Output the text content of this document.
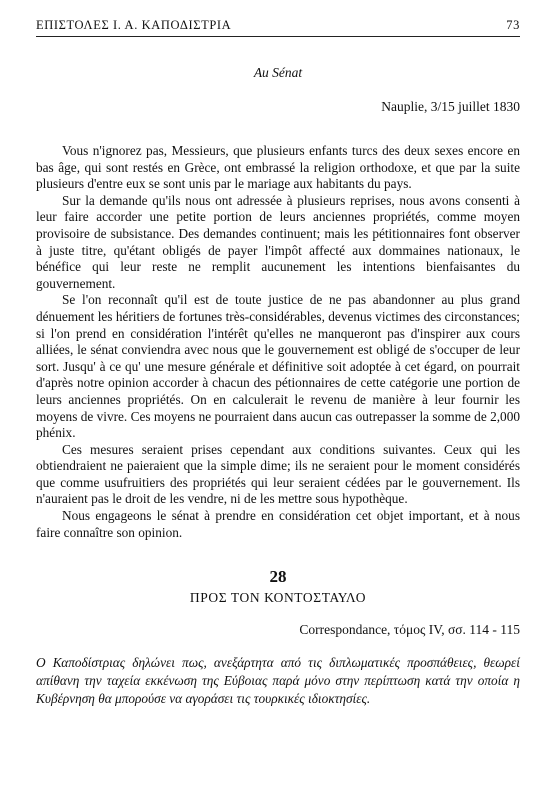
ΕΠΙΣΤΟΛΕΣ Ι. Α. ΚΑΠΟΔΙΣΤΡΙΑ	73
Au Sénat
Nauplie, 3/15 juillet 1830

Vous n'ignorez pas, Messieurs, que plusieurs enfants turcs des deux sexes encore en bas âge, qui sont restés en Grèce, ont embrassé la religion orthodoxe, et que par la suite plusieurs d'entre eux se sont unis par le mariage aux habitants du pays.

Sur la demande qu'ils nous ont adressée à plusieurs reprises, nous avons consenti à leur faire accorder une petite portion de leurs anciennes propriétés, comme moyen provisoire de subsistance. Des demandes continuent; mais les pétitionnaires font observer à juste titre, qu'étant obligés de payer l'impôt affecté aux dommaines nationaux, le bénéfice qui leur reste ne remplit aucunement les intentions bienfaisantes du gouvernement.

Se l'on reconnaît qu'il est de toute justice de ne pas abandonner au plus grand dénuement les héritiers de fortunes très-considérables, devenus victimes des circonstances; si l'on prend en considération l'intérêt qu'elles ne manqueront pas d'inspirer aux cours alliées, le sénat conviendra avec nous que le gouvernement est obligé de s'occuper de leur sort. Jusqu' à ce qu' une mesure générale et définitive soit adoptée à cet égard, on pourrait d'après notre opinion accorder à chacun des pétionnaires de cette catégorie une portion de leurs anciennes propriétés. On en calculerait le revenu de manière à leur fournir les moyens de vivre. Ces moyens ne pourraient dans aucun cas outrepasser la somme de 2,000 phénix.

Ces mesures seraient prises cependant aux conditions suivantes. Ceux qui les obtiendraient ne paieraient que la simple dime; ils ne seraient pour le moment considérés que comme usufruitiers des propriétés qui leur seraient cédées par le gouvernement. Ils n'auraient pas le droit de les vendre, ni de les mettre sous hypothèque.

Nous engageons le sénat à prendre en considération cet objet important, et à nous faire connaître son opinion.

28
ΠΡΟΣ ΤΟΝ ΚΟΝΤΟΣΤΑΥΛΟ
Correspondance, τόμος IV, σσ. 114 - 115

Ο Καποδίστριας δηλώνει πως, ανεξάρτητα από τις διπλωματικές προσπάθειες, θεωρεί απίθανη την ταχεία εκκένωση της Εύβοιας παρά μόνο στην περίπτωση κατά την οποία η Κυβέρνηση θα μπορούσε να αγοράσει τις τουρκικές ιδιοκτησίες.
